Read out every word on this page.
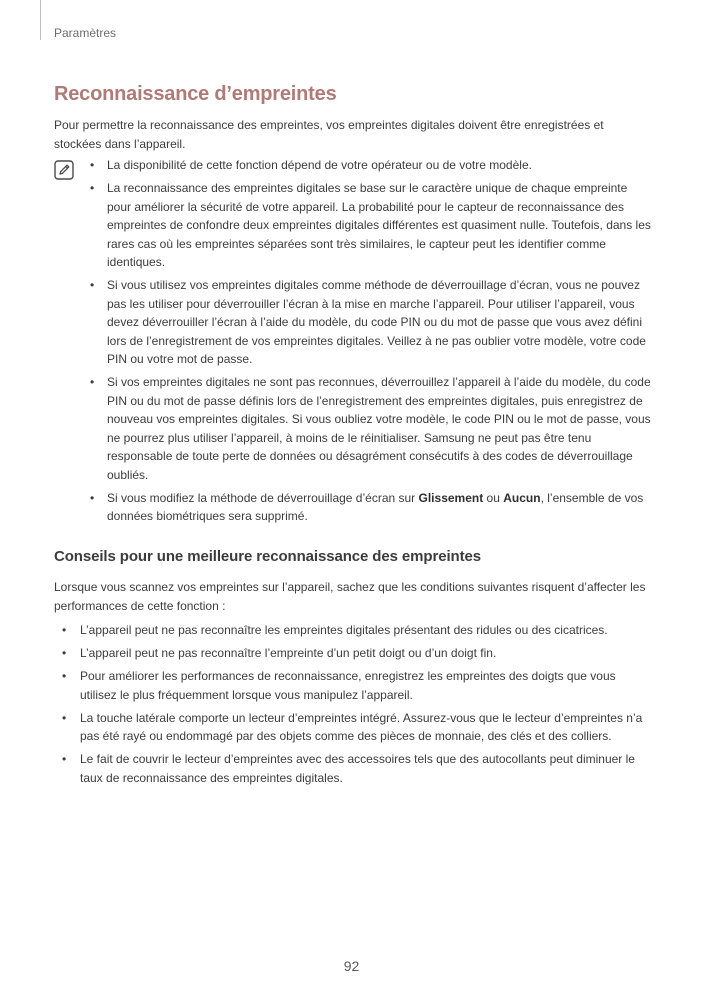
Paramètres
Reconnaissance d’empreintes

Pour permettre la reconnaissance des empreintes, vos empreintes digitales doivent être enregistrées et stockées dans l’appareil.

• La disponibilité de cette fonction dépend de votre opérateur ou de votre modèle.
• La reconnaissance des empreintes digitales se base sur le caractère unique de chaque empreinte pour améliorer la sécurité de votre appareil. La probabilité pour le capteur de reconnaissance des empreintes de confondre deux empreintes digitales différentes est quasiment nulle. Toutefois, dans les rares cas où les empreintes séparées sont très similaires, le capteur peut les identifier comme identiques.
• Si vous utilisez vos empreintes digitales comme méthode de déverrouillage d’écran, vous ne pouvez pas les utiliser pour déverrouiller l’écran à la mise en marche l’appareil. Pour utiliser l’appareil, vous devez déverrouiller l’écran à l’aide du modèle, du code PIN ou du mot de passe que vous avez défini lors de l’enregistrement de vos empreintes digitales. Veillez à ne pas oublier votre modèle, votre code PIN ou votre mot de passe.
• Si vos empreintes digitales ne sont pas reconnues, déverrouillez l’appareil à l’aide du modèle, du code PIN ou du mot de passe définis lors de l’enregistrement des empreintes digitales, puis enregistrez de nouveau vos empreintes digitales. Si vous oubliez votre modèle, le code PIN ou le mot de passe, vous ne pourrez plus utiliser l’appareil, à moins de le réinitialiser. Samsung ne peut pas être tenu responsable de toute perte de données ou désagrément consécutifs à des codes de déverrouillage oubliés.
• Si vous modifiez la méthode de déverrouillage d’écran sur Glissement ou Aucun, l’ensemble de vos données biométriques sera supprimé.
Conseils pour une meilleure reconnaissance des empreintes

Lorsque vous scannez vos empreintes sur l’appareil, sachez que les conditions suivantes risquent d’affecter les performances de cette fonction :

• L’appareil peut ne pas reconnaître les empreintes digitales présentant des ridules ou des cicatrices.
• L’appareil peut ne pas reconnaître l’empreinte d’un petit doigt ou d’un doigt fin.
• Pour améliorer les performances de reconnaissance, enregistrez les empreintes des doigts que vous utilisez le plus fréquemment lorsque vous manipulez l’appareil.
• La touche latérale comporte un lecteur d’empreintes intégré. Assurez-vous que le lecteur d’empreintes n’a pas été rayé ou endommagé par des objets comme des pièces de monnaie, des clés et des colliers.
• Le fait de couvrir le lecteur d’empreintes avec des accessoires tels que des autocollants peut diminuer le taux de reconnaissance des empreintes digitales.
92
